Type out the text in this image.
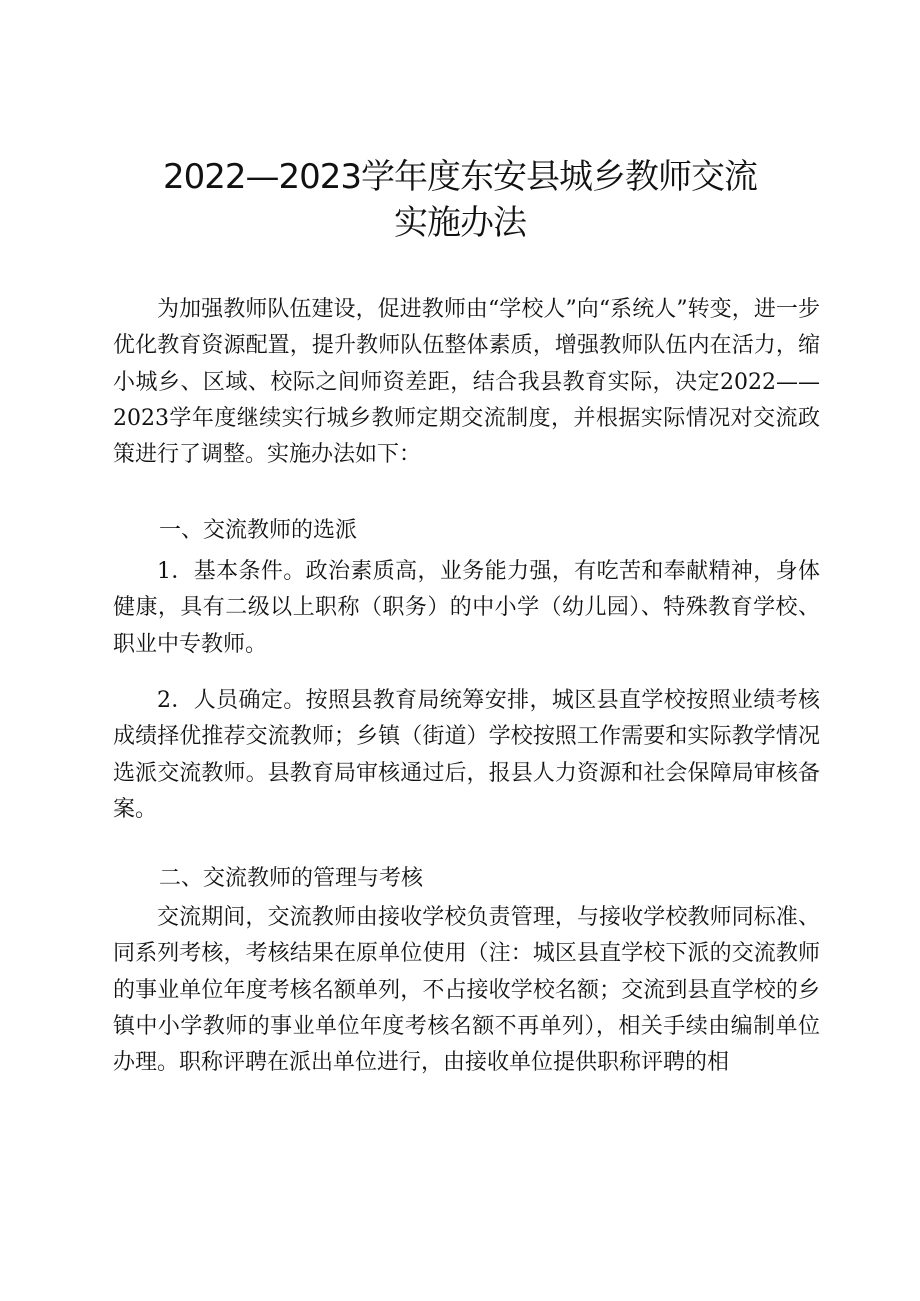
2022—2023学年度东安县城乡教师交流
实施办法

为加强教师队伍建设，促进教师由“学校人”向“系统人”转变，进一步优化教育资源配置，提升教师队伍整体素质，增强教师队伍内在活力，缩小城乡、区域、校际之间师资差距，结合我县教育实际，决定2022——2023学年度继续实行城乡教师定期交流制度，并根据实际情况对交流政策进行了调整。实施办法如下：

一、交流教师的选派

1．基本条件。政治素质高，业务能力强，有吃苦和奉献精神，身体健康，具有二级以上职称（职务）的中小学（幼儿园）、特殊教育学校、职业中专教师。

2．人员确定。按照县教育局统筹安排，城区县直学校按照业绩考核成绩择优推荐交流教师；乡镇（街道）学校按照工作需要和实际教学情况选派交流教师。县教育局审核通过后，报县人力资源和社会保障局审核备案。

二、交流教师的管理与考核

交流期间，交流教师由接收学校负责管理，与接收学校教师同标准、同系列考核，考核结果在原单位使用（注：城区县直学校下派的交流教师的事业单位年度考核名额单列，不占接收学校名额；交流到县直学校的乡镇中小学教师的事业单位年度考核名额不再单列），相关手续由编制单位办理。职称评聘在派出单位进行，由接收单位提供职称评聘的相
